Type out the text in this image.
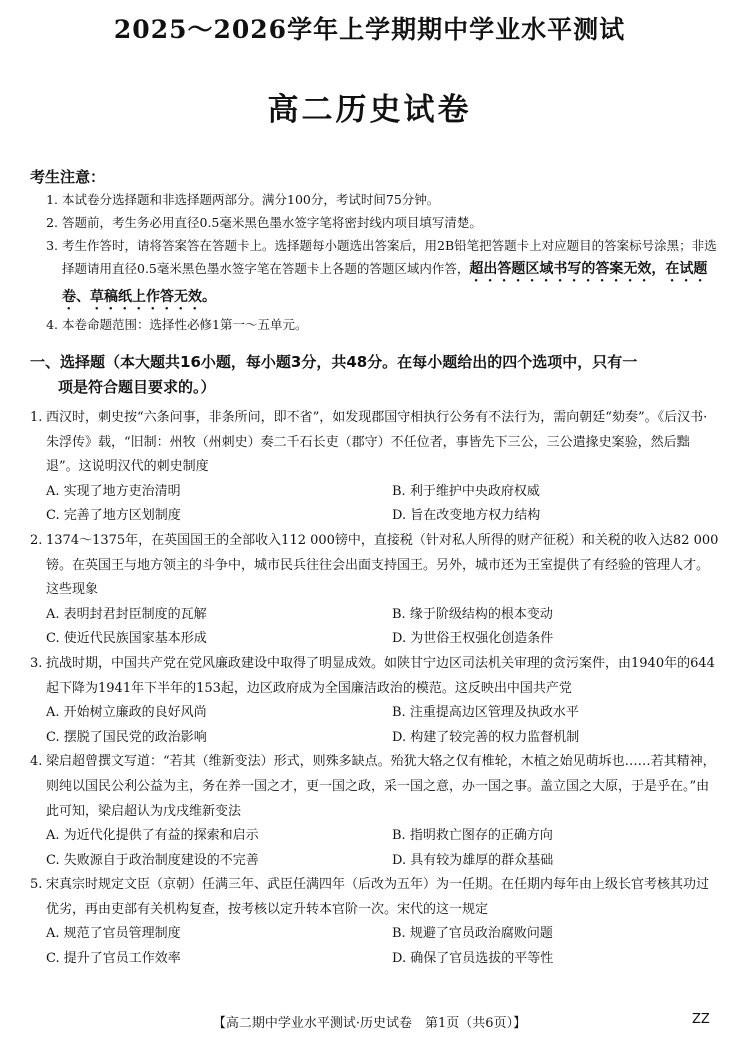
2025～2026学年上学期期中学业水平测试
高二历史试卷
考生注意：
1. 本试卷分选择题和非选择题两部分。满分100分，考试时间75分钟。
2. 答题前，考生务必用直径0.5毫米黑色墨水签字笔将密封线内项目填写清楚。
3. 考生作答时，请将答案答在答题卡上。选择题每小题选出答案后，用2B铅笔把答题卡上对应题目的答案标号涂黑；非选择题请用直径0.5毫米黑色墨水签字笔在答题卡上各题的答题区域内作答，超出答题区域书写的答案无效，在试题卷、草稿纸上作答无效。
4. 本卷命题范围：选择性必修1第一～五单元。
一、选择题（本大题共16小题，每小题3分，共48分。在每小题给出的四个选项中，只有一
项是符合题目要求的。）
1. 西汉时，刺史按“六条问事，非条所问，即不省”，如发现郡国守相执行公务有不法行为，需向朝廷“劾奏”。《后汉书·朱浮传》载，“旧制：州牧（州刺史）奏二千石长吏（郡守）不任位者，事皆先下三公，三公遣掾史案验，然后黜退”。这说明汉代的刺史制度
A. 实现了地方吏治清明	B. 利于维护中央政府权威
C. 完善了地方区划制度	D. 旨在改变地方权力结构
2. 1374～1375年，在英国国王的全部收入112 000镑中，直接税（针对私人所得的财产征税）和关税的收入达82 000镑。在英国王与地方领主的斗争中，城市民兵往往会出面支持国王。另外，城市还为王室提供了有经验的管理人才。这些现象
A. 表明封君封臣制度的瓦解	B. 缘于阶级结构的根本变动
C. 使近代民族国家基本形成	D. 为世俗王权强化创造条件
3. 抗战时期，中国共产党在党风廉政建设中取得了明显成效。如陕甘宁边区司法机关审理的贪污案件，由1940年的644起下降为1941年下半年的153起，边区政府成为全国廉洁政治的模范。这反映出中国共产党
A. 开始树立廉政的良好风尚	B. 注重提高边区管理及执政水平
C. 摆脱了国民党的政治影响	D. 构建了较完善的权力监督机制
4. 梁启超曾撰文写道：“若其（维新变法）形式，则殊多缺点。殆犹大辂之仅有椎轮，木植之始见萌坼也……若其精神，则纯以国民公利公益为主，务在养一国之才，更一国之政，采一国之意，办一国之事。盖立国之大原，于是乎在。”由此可知，梁启超认为戊戌维新变法
A. 为近代化提供了有益的探索和启示	B. 指明救亡图存的正确方向
C. 失败源自于政治制度建设的不完善	D. 具有较为雄厚的群众基础
5. 宋真宗时规定文臣（京朝）任满三年、武臣任满四年（后改为五年）为一任期。在任期内每年由上级长官考核其功过优劣，再由吏部有关机构复查，按考核以定升转本官阶一次。宋代的这一规定
A. 规范了官员管理制度	B. 规避了官员政治腐败问题
C. 提升了官员工作效率	D. 确保了官员选拔的平等性
【高二期中学业水平测试·历史试卷　第1页（共6页）】	ZZ
